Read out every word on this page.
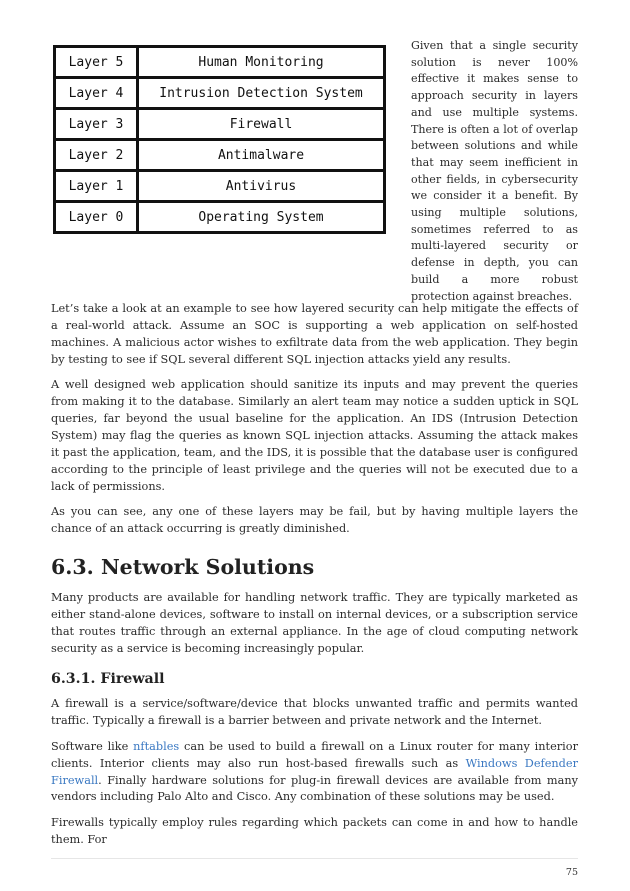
Layer 5	Human Monitoring
Layer 4	Intrusion Detection System
Layer 3	Firewall
Layer 2	Antimalware
Layer 1	Antivirus
Layer 0	Operating System

Given that a single security solution is never 100% effective it makes sense to approach security in layers and use multiple systems. There is often a lot of overlap between solutions and while that may seem inefficient in other fields, in cybersecurity we consider it a benefit. By using multiple solutions, sometimes referred to as multi-layered security or defense in depth, you can build a more robust protection against breaches.

Let’s take a look at an example to see how layered security can help mitigate the effects of a real-world attack. Assume an SOC is supporting a web application on self-hosted machines. A malicious actor wishes to exfiltrate data from the web application. They begin by testing to see if SQL several different SQL injection attacks yield any results.

A well designed web application should sanitize its inputs and may prevent the queries from making it to the database. Similarly an alert team may notice a sudden uptick in SQL queries, far beyond the usual baseline for the application. An IDS (Intrusion Detection System) may flag the queries as known SQL injection attacks. Assuming the attack makes it past the application, team, and the IDS, it is possible that the database user is configured according to the principle of least privilege and the queries will not be executed due to a lack of permissions.

As you can see, any one of these layers may be fail, but by having multiple layers the chance of an attack occurring is greatly diminished.

6.3. Network Solutions

Many products are available for handling network traffic. They are typically marketed as either stand-alone devices, software to install on internal devices, or a subscription service that routes traffic through an external appliance. In the age of cloud computing network security as a service is becoming increasingly popular.

6.3.1. Firewall

A firewall is a service/software/device that blocks unwanted traffic and permits wanted traffic. Typically a firewall is a barrier between and private network and the Internet.

Software like nftables can be used to build a firewall on a Linux router for many interior clients. Interior clients may also run host-based firewalls such as Windows Defender Firewall. Finally hardware solutions for plug-in firewall devices are available from many vendors including Palo Alto and Cisco. Any combination of these solutions may be used.

Firewalls typically employ rules regarding which packets can come in and how to handle them. For

75
